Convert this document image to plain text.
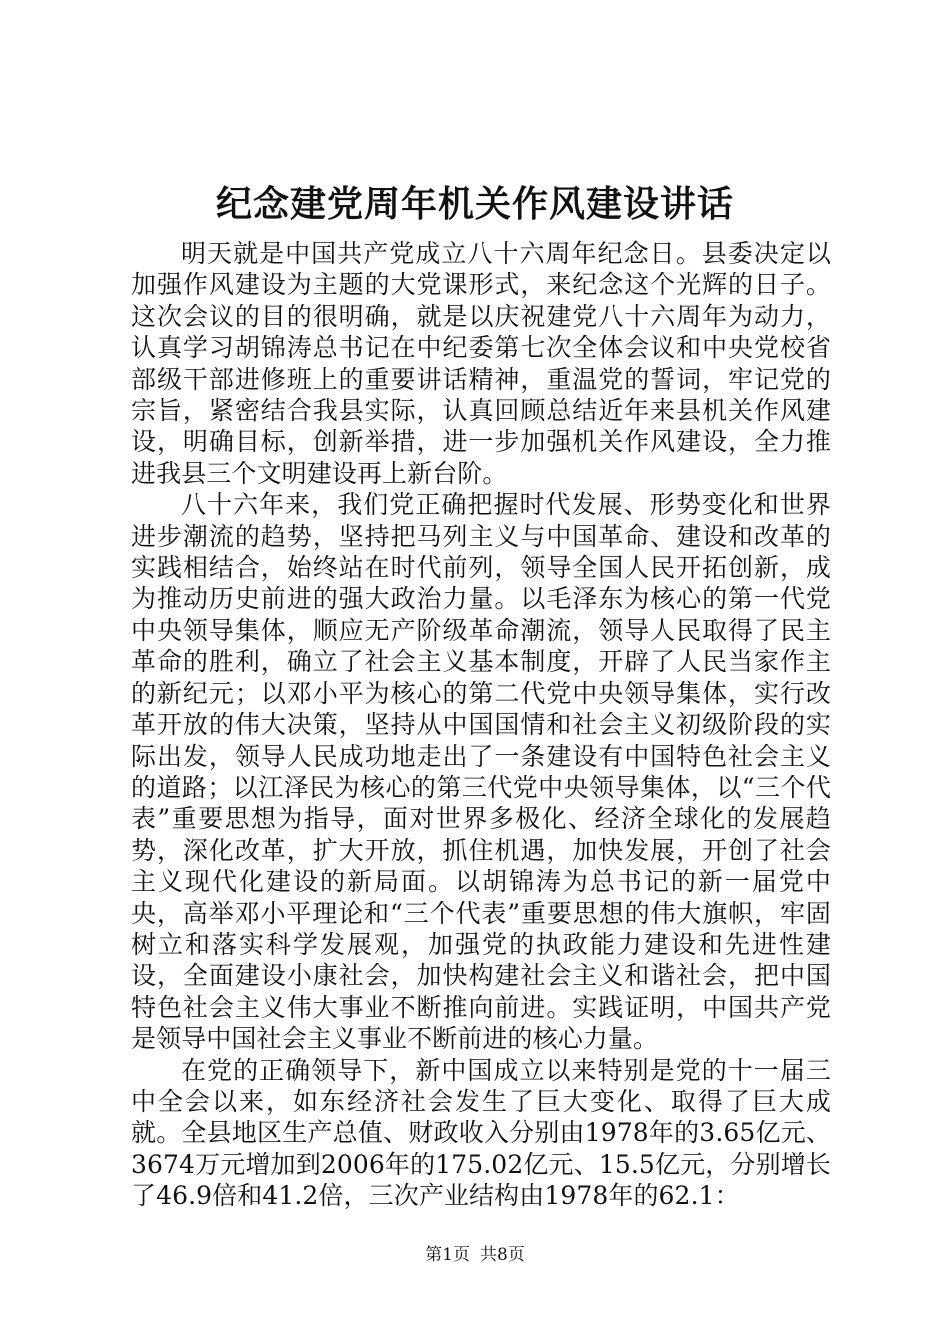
纪念建党周年机关作风建设讲话

明天就是中国共产党成立八十六周年纪念日。县委决定以加强作风建设为主题的大党课形式，来纪念这个光辉的日子。这次会议的目的很明确，就是以庆祝建党八十六周年为动力，认真学习胡锦涛总书记在中纪委第七次全体会议和中央党校省部级干部进修班上的重要讲话精神，重温党的誓词，牢记党的宗旨，紧密结合我县实际，认真回顾总结近年来县机关作风建设，明确目标，创新举措，进一步加强机关作风建设，全力推进我县三个文明建设再上新台阶。

八十六年来，我们党正确把握时代发展、形势变化和世界进步潮流的趋势，坚持把马列主义与中国革命、建设和改革的实践相结合，始终站在时代前列，领导全国人民开拓创新，成为推动历史前进的强大政治力量。以毛泽东为核心的第一代党中央领导集体，顺应无产阶级革命潮流，领导人民取得了民主革命的胜利，确立了社会主义基本制度，开辟了人民当家作主的新纪元；以邓小平为核心的第二代党中央领导集体，实行改革开放的伟大决策，坚持从中国国情和社会主义初级阶段的实际出发，领导人民成功地走出了一条建设有中国特色社会主义的道路；以江泽民为核心的第三代党中央领导集体，以“三个代表”重要思想为指导，面对世界多极化、经济全球化的发展趋势，深化改革，扩大开放，抓住机遇，加快发展，开创了社会主义现代化建设的新局面。以胡锦涛为总书记的新一届党中央，高举邓小平理论和“三个代表”重要思想的伟大旗帜，牢固树立和落实科学发展观，加强党的执政能力建设和先进性建设，全面建设小康社会，加快构建社会主义和谐社会，把中国特色社会主义伟大事业不断推向前进。实践证明，中国共产党是领导中国社会主义事业不断前进的核心力量。

在党的正确领导下，新中国成立以来特别是党的十一届三中全会以来，如东经济社会发生了巨大变化、取得了巨大成就。全县地区生产总值、财政收入分别由1978年的3.65亿元、3674万元增加到2006年的175.02亿元、15.5亿元，分别增长了46.9倍和41.2倍，三次产业结构由1978年的62.1：

第1页 共8页
